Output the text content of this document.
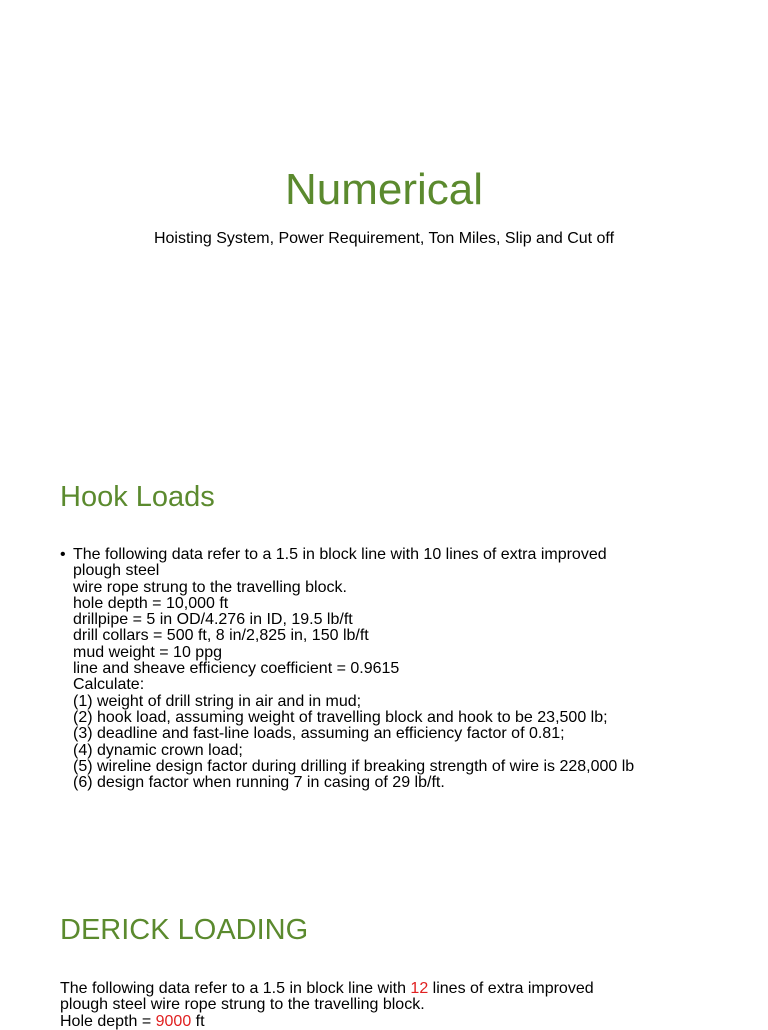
Numerical
Hoisting System, Power Requirement, Ton Miles, Slip and Cut off
Hook Loads
• The following data refer to a 1.5 in block line with 10 lines of extra improved
plough steel
wire rope strung to the travelling block.
hole depth = 10,000 ft
drillpipe = 5 in OD/4.276 in ID, 19.5 lb/ft
drill collars = 500 ft, 8 in/2,825 in, 150 lb/ft
mud weight = 10 ppg
line and sheave efficiency coefficient = 0.9615
Calculate:
(1) weight of drill string in air and in mud;
(2) hook load, assuming weight of travelling block and hook to be 23,500 lb;
(3) deadline and fast-line loads, assuming an efficiency factor of 0.81;
(4) dynamic crown load;
(5) wireline design factor during drilling if breaking strength of wire is 228,000 lb
(6) design factor when running 7 in casing of 29 lb/ft.
DERICK LOADING
The following data refer to a 1.5 in block line with 12 lines of extra improved
plough steel wire rope strung to the travelling block.
Hole depth = 9000 ft
